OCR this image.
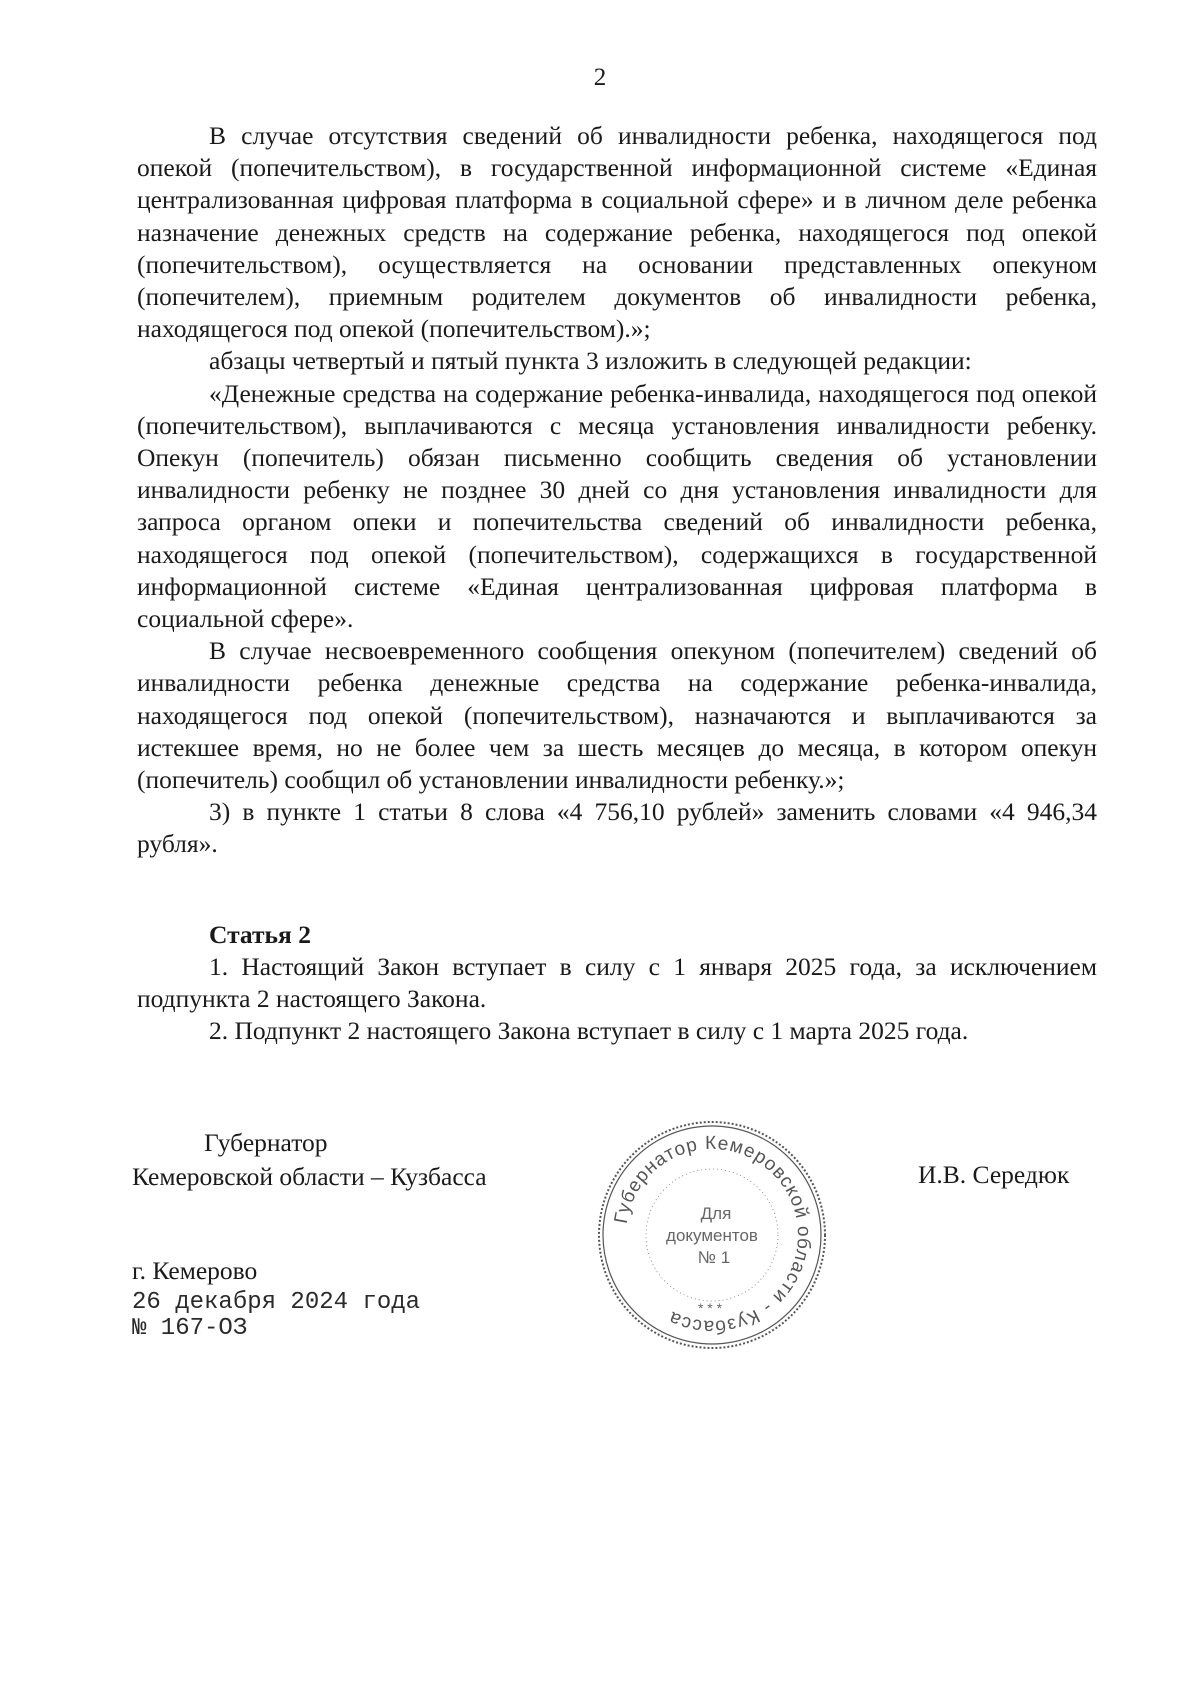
2

В случае отсутствия сведений об инвалидности ребенка, находящегося под опекой (попечительством), в государственной информационной системе «Единая централизованная цифровая платформа в социальной сфере» и в личном деле ребенка назначение денежных средств на содержание ребенка, находящегося под опекой (попечительством), осуществляется на основании представленных опекуном (попечителем), приемным родителем документов об инвалидности ребенка, находящегося под опекой (попечительством).»;

абзацы четвертый и пятый пункта 3 изложить в следующей редакции:

«Денежные средства на содержание ребенка-инвалида, находящегося под опекой (попечительством), выплачиваются с месяца установления инвалидности ребенку. Опекун (попечитель) обязан письменно сообщить сведения об установлении инвалидности ребенку не позднее 30 дней со дня установления инвалидности для запроса органом опеки и попечительства сведений об инвалидности ребенка, находящегося под опекой (попечительством), содержащихся в государственной информационной системе «Единая централизованная цифровая платформа в социальной сфере».

В случае несвоевременного сообщения опекуном (попечителем) сведений об инвалидности ребенка денежные средства на содержание ребенка-инвалида, находящегося под опекой (попечительством), назначаются и выплачиваются за истекшее время, но не более чем за шесть месяцев до месяца, в котором опекун (попечитель) сообщил об установлении инвалидности ребенку.»;

3) в пункте 1 статьи 8 слова «4 756,10 рублей» заменить словами «4 946,34 рубля».

Статья 2

1. Настоящий Закон вступает в силу с 1 января 2025 года, за исключением подпункта 2 настоящего Закона.

2. Подпункт 2 настоящего Закона вступает в силу с 1 марта 2025 года.

Губернатор
Кемеровской области – Кузбасса	И.В. Середюк
г. Кемерово
26 декабря 2024 года
№ 167-ОЗ
Губернатор Кемеровской области - Кузбасса
Для
документов
№ 1
* * *
